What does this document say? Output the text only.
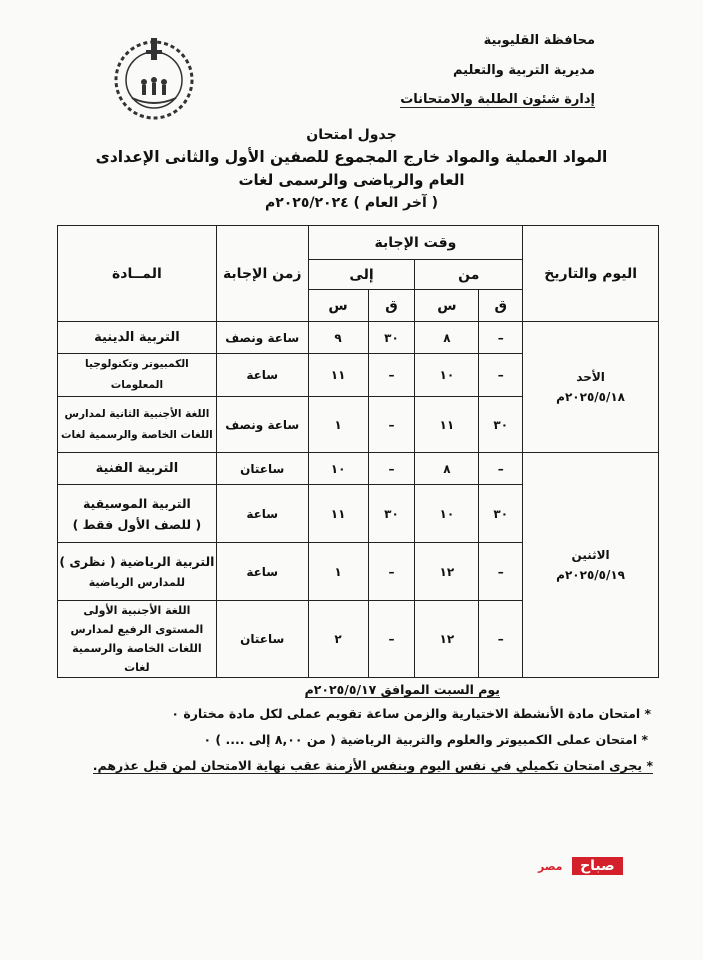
محافظة القليوبية
مديرية التربية والتعليم
إدارة شئون الطلبة والامتحانات
جدول امتحان
المواد العملية والمواد خارج المجموع للصفين الأول والثانى الإعدادى
العام والرياضى والرسمى لغات
( آخر العام ) ٢٠٢٥/٢٠٢٤م
اليوم والتاريخ	وقت الإجابة				زمن الإجابة	المــادة
	من		إلى			
	ق	س	ق	س		

الأحد
٢٠٢٥/٥/١٨م	–	٨	٣٠	٩	ساعة ونصف	التربية الدينية

	–	١٠	–	١١	ساعة	الكمبيوتر وتكنولوجيا المعلومات

	٣٠	١١	–	١	ساعة ونصف	اللغة الأجنبية الثانية لمدارس
اللغات الخاصة والرسمية لغات

الاثنين
٢٠٢٥/٥/١٩م	–	٨	–	١٠	ساعتان	التربية الفنية

	٣٠	١٠	٣٠	١١	ساعة	التربية الموسيقية
( للصف الأول فقط )

	–	١٢	–	١	ساعة	التربية الرياضية ( نظرى )
للمدارس الرياضية

	–	١٢	–	٢	ساعتان	اللغة الأجنبية الأولى
المستوى الرفيع لمدارس
اللغات الخاصة والرسمية لغات
يوم السبت الموافق ٢٠٢٥/٥/١٧م
* امتحان مادة الأنشطة الاختيارية والزمن ساعة تقويم عملى لكل مادة مختارة ٠
* امتحان عملى الكمبيوتر والعلوم والتربية الرياضية ( من ٨,٠٠ إلى .... ) ٠
* يجرى امتحان تكميلي في نفس اليوم وبنفس الأزمنة عقب نهاية الامتحان لمن قبل عذرهم.
صباح مصر
